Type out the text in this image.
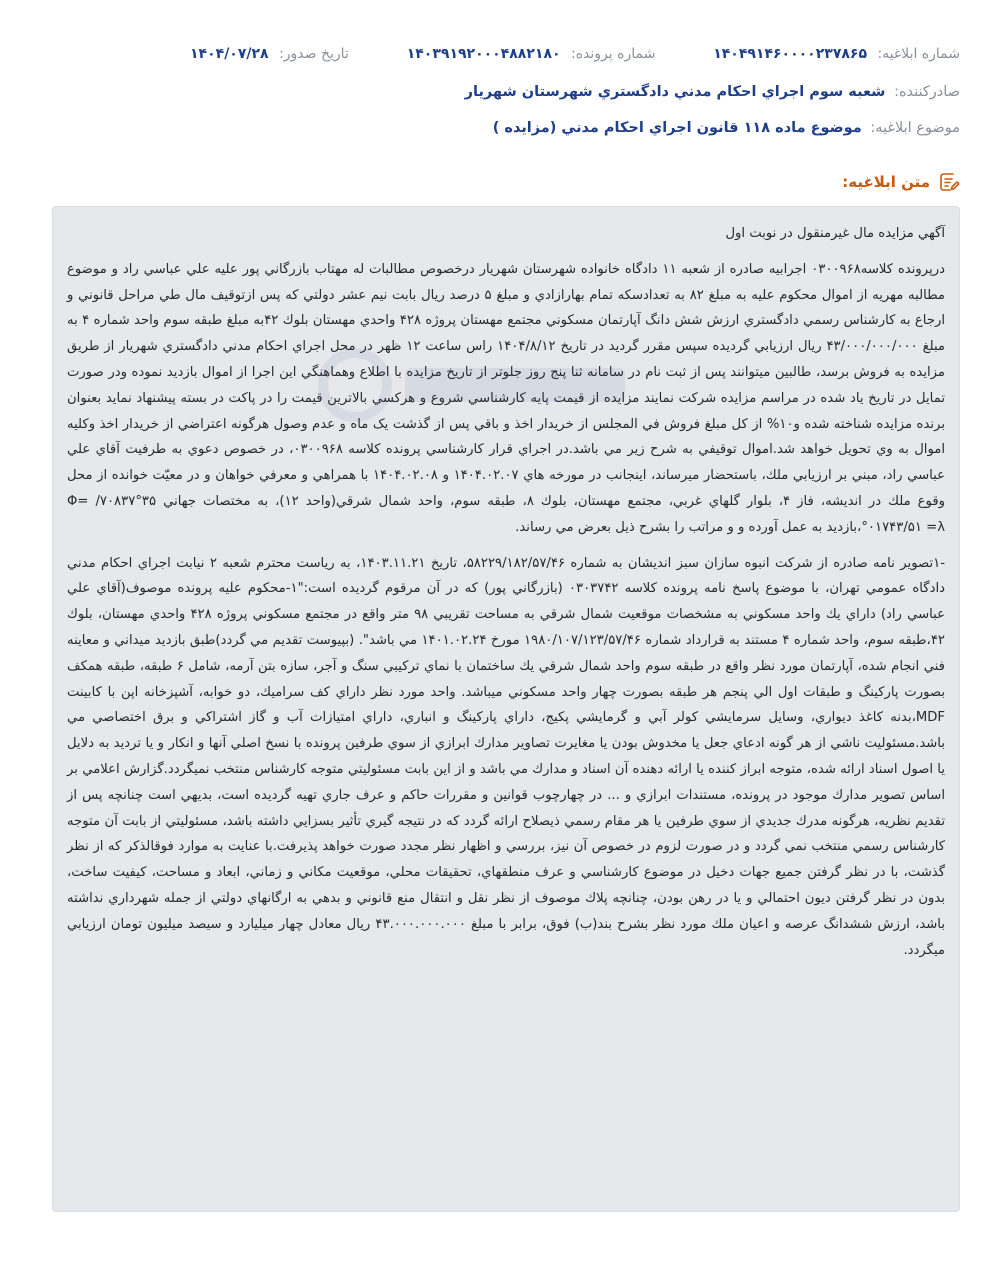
شماره ابلاغيه: ۱۴۰۴۹۱۴۶۰۰۰۰۲۳۷۸۶۵
شماره پرونده: ۱۴۰۳۹۱۹۲۰۰۰۴۸۸۲۱۸۰
تاريخ صدور: ۱۴۰۴/۰۷/۲۸
صادرکننده: شعبه سوم اجراي احكام مدني دادگستري شهرستان شهريار
موضوع ابلاغيه: موضوع ماده ۱۱۸ قانون اجراي احكام مدني (مزايده )
متن ابلاغيه:

آگهي مزايده مال غيرمنقول در نوبت اول

درپرونده كلاسه۰۳۰۰۹۶۸ اجرابيه صادره از شعبه ۱۱ دادگاه خانواده شهرستان شهريار درخصوص مطالبات له مهتاب بازرگاني پور عليه علي عباسي راد و موضوع مطالبه مهريه از اموال محكوم عليه به مبلغ ۸۲ به تعدادسكه تمام بهارازادي و مبلغ ۵ درصد ريال بابت نيم عشر دولتي كه پس ازتوقيف مال طي مراحل قانوني و ارجاع به كارشناس رسمي دادگستري ارزش شش دانگ آپارتمان مسكوني مجتمع مهستان پروژه ۴۲۸ واحدي مهستان بلوك ۴۲به مبلغ طبقه سوم واحد شماره ۴ به مبلغ ۴۳/۰۰۰/۰۰۰/۰۰۰ ريال ارزيابي گرديده سپس مقرر گرديد در تاريخ ۱۴۰۴/۸/۱۲ راس ساعت ۱۲ ظهر در محل اجراي احكام مدني دادگستري شهريار از طريق مزايده به فروش برسد، طالبين ميتوانند پس از ثبت نام در سامانه ثنا پنج روز جلوتر از تاريخ مزايده با اطلاع وهماهنگي اين اجرا از اموال بازديد نموده ودر صورت تمايل در تاريخ ياد شده در مراسم مزايده شركت نمايند مزايده از قيمت پايه كارشناسي شروع و هركسي بالاترين قيمت را در پاكت در بسته پيشنهاد نمايد بعنوان برنده مزايده شناخته شده و۱۰% از كل مبلغ فروش في المجلس از خريدار اخذ و باقي پس از گذشت يک ماه و عدم وصول هرگونه اعتراضي از خريدار اخذ وكليه اموال به وي تحويل خواهد شد.اموال توقيفي به شرح زير مي باشد.در اجراي قرار كارشناسي پرونده كلاسه ۰۳۰۰۹۶۸، در خصوص دعوي به طرفيت آقاي علي عباسي راد، مبني بر ارزيابي ملك، باستحضار ميرساند، اينجانب در مورخه هاي ۱۴۰۴.۰۲.۰۷ و ۱۴۰۴.۰۲.۰۸ با همراهي و معرفي خواهان و در معيّت خوانده از محل وقوع ملك در انديشه، فاز ۴، بلوار گلهاي غربي، مجتمع مهستان، بلوك ۸، طبقه سوم، واحد شمال شرقي(واحد ۱۲)، به مختصات جهاني ۳۵°۷۰۸۳۷/ =Φ °۰۱۷۴۳/۵۱ =λ،بازديد به عمل آورده و و مراتب را بشرح ذيل بعرض مي رساند.

-۱تصوير نامه صادره از شركت انبوه سازان سبز انديشان به شماره ۵۸۲۲۹/۱۸۲/۵۷/۴۶، تاريخ ۱۴۰۳.۱۱.۲۱، به رياست محترم شعبه ۲ نيابت اجراي احكام مدني دادگاه عمومي تهران، با موضوع پاسخ نامه پرونده كلاسه ۰۳۰۳۷۴۲ (بازرگاني پور) كه در آن مرقوم گرديده است:"۱-محكوم عليه پرونده موصوف(آقاي علي عباسي راد) داراي يك واحد مسكوني به مشخصات موقعيت شمال شرقي به مساحت تقريبي ۹۸ متر واقع در مجتمع مسكوني پروژه ۴۲۸ واحدي مهستان، بلوك ۴۲،طبقه سوم، واحد شماره ۴ مستند به قرارداد شماره ۱۹۸۰/۱۰۷/۱۲۳/۵۷/۴۶ مورخ ۱۴۰۱.۰۲.۲۴ مي باشد". (بپيوست تقديم مي گردد)طبق بازديد ميداني و معاينه فني انجام شده، آپارتمان مورد نظر واقع در طبقه سوم واحد شمال شرقي يك ساختمان با نماي تركيبي سنگ و آجر، سازه بتن آرمه، شامل ۶ طبقه، طبقه همكف بصورت پاركينگ و طبقات اول الي پنجم هر طبقه بصورت چهار واحد مسكوني ميباشد. واحد مورد نظر داراي كف سراميك، دو خوابه، آشپزخانه اپن با كابينت MDF،بدنه كاغذ ديواري، وسايل سرمايشي كولر آبي و گرمايشي پكيج، داراي پاركينگ و انباري، داراي امتيازات آب و گاز اشتراكي و برق اختصاصي مي باشد.مسئوليت ناشي از هر گونه ادعاي جعل يا مخدوش بودن يا مغايرت تصاوير مدارك ابرازي از سوي طرفين پرونده با نسخ اصلي آنها و انكار و يا ترديد به دلايل يا اصول اسناد ارائه شده، متوجه ابراز كننده يا ارائه دهنده آن اسناد و مدارك مي باشد و از اين بابت مسئوليتي متوجه كارشناس منتخب نميگردد.گزارش اعلامي بر اساس تصوير مدارك موجود در پرونده، مستندات ابرازي و ... در چهارچوب قوانين و مقررات حاكم و عرف جاري تهيه گرديده است، بديهي است چنانچه پس از تقديم نظريه، هرگونه مدرك جديدي از سوي طرفين يا هر مقام رسمي ذيصلاح ارائه گردد كه در نتيجه گيري تأثير بسزايي داشته باشد، مسئوليتي از بابت آن متوجه كارشناس رسمي منتخب نمي گردد و در صورت لزوم در خصوص آن نيز، بررسي و اظهار نظر مجدد صورت خواهد پذيرفت.با عنايت به موارد فوقالذكر كه از نظر گذشت، با در نظر گرفتن جميع جهات دخيل در موضوع كارشناسي و عرف منطقهاي، تحقيقات محلي، موقعيت مكاني و زماني، ابعاد و مساحت، كيفيت ساخت، بدون در نظر گرفتن ديون احتمالي و يا در رهن بودن، چنانچه پلاك موصوف از نظر نقل و انتقال منع قانوني و بدهي به ارگانهاي دولتي از جمله شهرداري نداشته باشد، ارزش ششدانگ عرصه و اعيان ملك مورد نظر بشرح بند(ب) فوق، برابر با مبلغ ۴۳.۰۰۰.۰۰۰.۰۰۰ ريال معادل چهار ميلیارد و سيصد ميليون تومان ارزيابي ميگردد.
